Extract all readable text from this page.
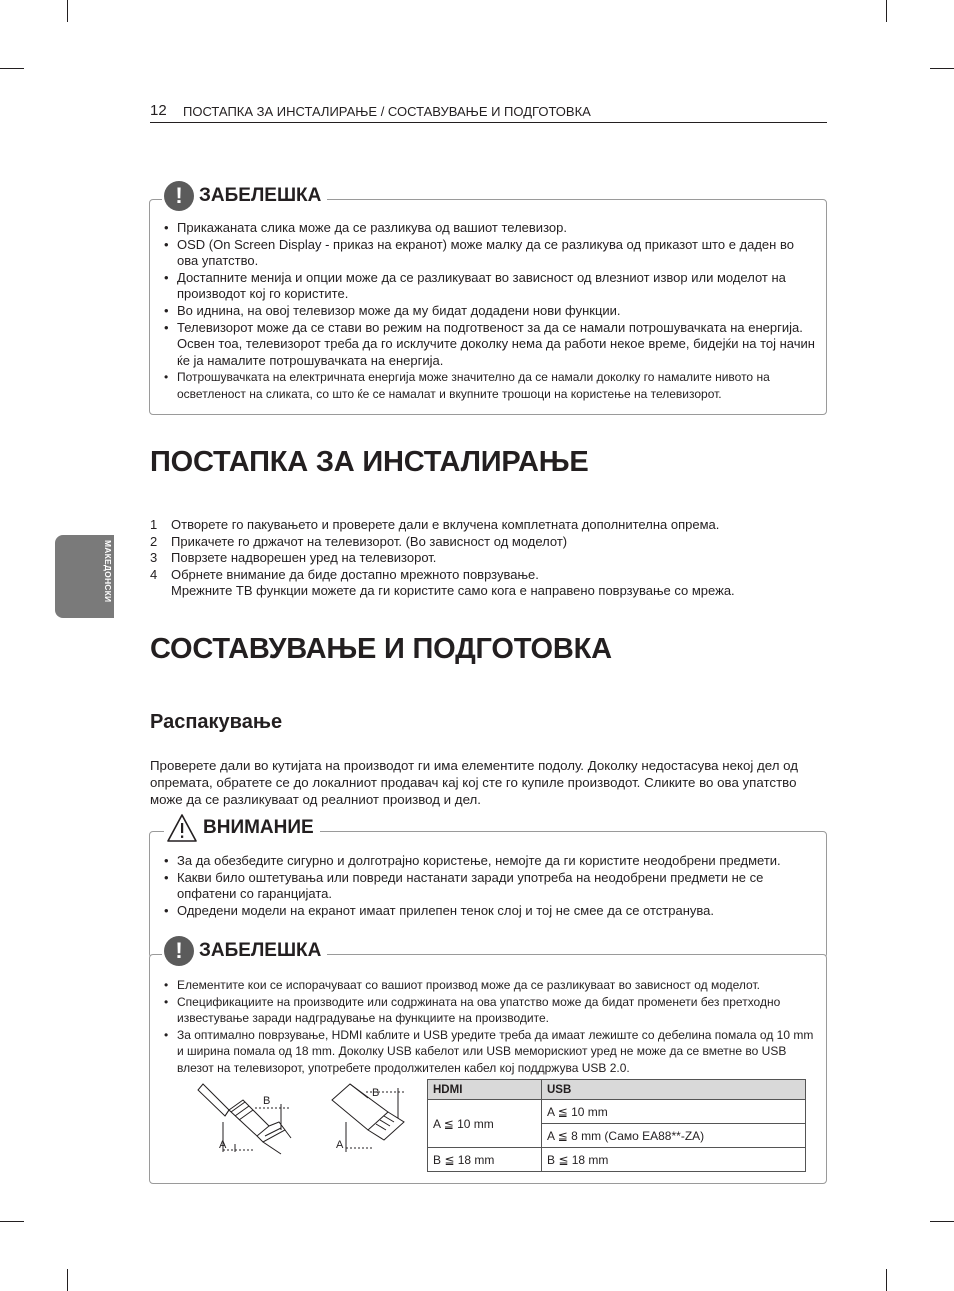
12 ПОСТАПКА ЗА ИНСТАЛИРАЊЕ / СОСТАВУВАЊЕ И ПОДГОТОВКА
МАКЕДОНСКИ
! ЗАБЕЛЕШКА
• Прикажаната слика може да се разликува од вашиот телевизор.
• OSD (On Screen Display - приказ на екранот) може малку да се разликува од приказот што е даден во ова упатство.
• Достапните менија и опции може да се разликуваат во зависност од влезниот извор или моделот на производот кој го користите.
• Во иднина, на овој телевизор може да му бидат додадени нови функции.
• Телевизорот може да се стави во режим на подготвеност за да се намали потрошувачката на енергија. Освен тоа, телевизорот треба да го исклучите доколку нема да работи некое време, бидејќи на тој начин ќе ја намалите потрошувачката на енергија.
• Потрошувачката на електричната енергија може значително да се намали доколку го намалите нивото на осветленост на сликата, со што ќе се намалат и вкупните трошоци на користење на телевизорот.
ПОСТАПКА ЗА ИНСТАЛИРАЊЕ
1	Отворете го пакувањето и проверете дали е вклучена комплетната дополнителна опрема.
2	Прикачете го држачот на телевизорот. (Во зависност од моделот)
3	Поврзете надворешен уред на телевизорот.
4	Обрнете внимание да биде достапно мрежното поврзување.
Мрежните ТВ функции можете да ги користите само кога е направено поврзување со мрежа.
СОСТАВУВАЊЕ И ПОДГОТОВКА
Распакување

Проверете дали во кутијата на производот ги има елементите подолу. Доколку недостасува некој дел од опремата, обратете се до локалниот продавач кај кој сте го купиле производот. Сликите во ова упатство може да се разликуваат од реалниот производ и дел.

ВНИМАНИЕ
• За да обезбедите сигурно и долготрајно користење, немојте да ги користите неодобрени предмети.
• Какви било оштетувања или повреди настанати заради употреба на неодобрени предмети не се опфатени со гаранцијата.
• Одредени модели на екранот имаат прилепен тенок слој и тој не смее да се отстранува.
! ЗАБЕЛЕШКА
• Елементите кои се испорачуваат со вашиот производ може да се разликуваат во зависност од моделот.
• Спецификациите на производите или содржината на ова упатство може да бидат променети без претходно известување заради надградување на функциите на производите.
• За оптимално поврзување, HDMI каблите и USB уредите треба да имаат лежиште со дебелина помала од 10 mm и ширина помала од 18 mm. Доколку USB кабелот или USB меморискиот уред не може да се вметне во USB влезот на телевизорот, употребете продолжителен кабел кој поддржува USB 2.0.
B
A
B
A
HDMI	USB
A ≦ 10 mm	A ≦ 10 mm
	A ≦ 8 mm (Само EA88**-ZA)
B ≦ 18 mm	B ≦ 18 mm
